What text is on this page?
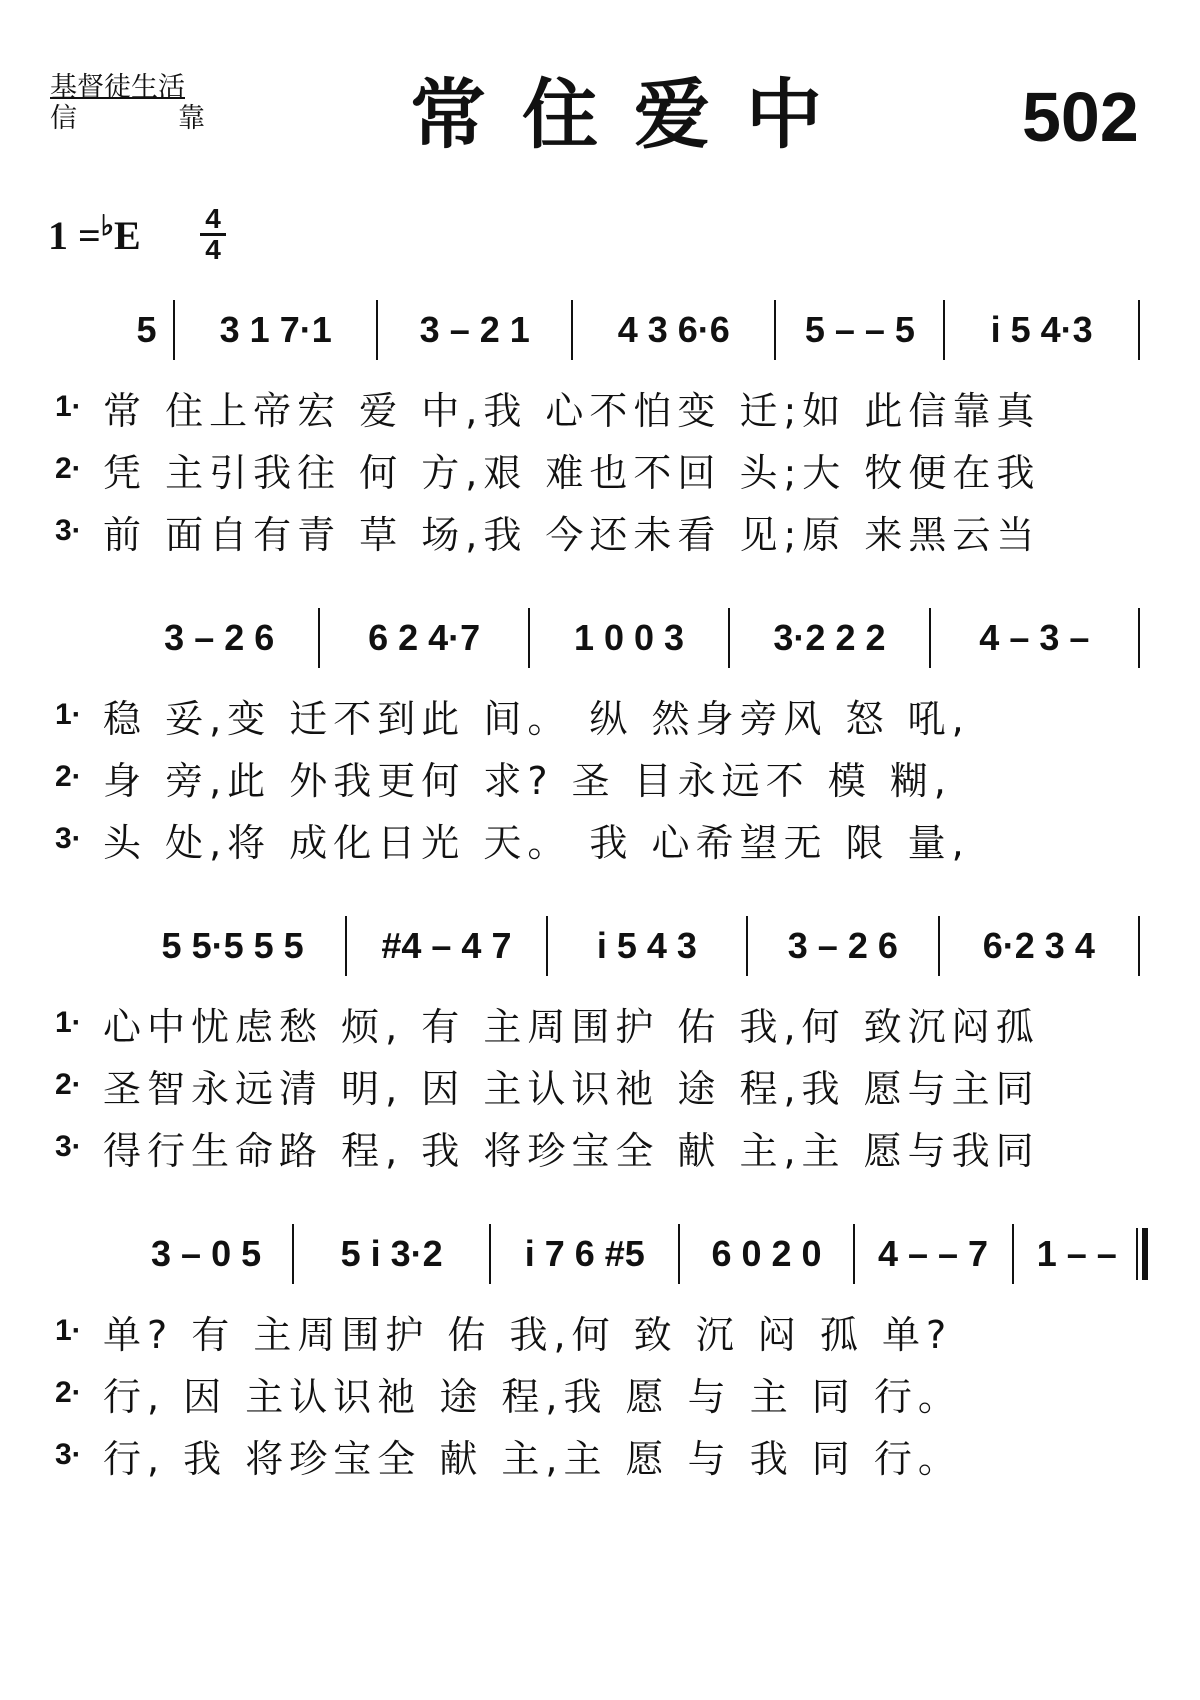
基督徒生活
信	靠	常住爱中 502
1 =♭E 4
4
5	3 1 7·1	3 – 2 1	4 3 6·6	5 – – 5	i 5 4·3
1· 常 住上帝宏 爱 中,我 心不怕变 迁;如 此信靠真
2· 凭 主引我往 何 方,艰 难也不回 头;大 牧便在我
3· 前 面自有青 草 场,我 今还未看 见;原 来黑云当
3 – 2 6	6 2 4·7	1 0 0 3	3·2 2 2	4 – 3 –
1· 稳 妥,变 迁不到此 间。 纵 然身旁风 怒 吼,
2· 身 旁,此 外我更何 求? 圣 目永远不 模 糊,
3· 头 处,将 成化日光 天。 我 心希望无 限 量,
5 5·5 5 5	#4 – 4 7	i 5 4 3	3 – 2 6	6·2 3 4
1· 心中忧虑愁 烦, 有 主周围护 佑 我,何 致沉闷孤
2· 圣智永远清 明, 因 主认识祂 途 程,我 愿与主同
3· 得行生命路 程, 我 将珍宝全 献 主,主 愿与我同
3 – 0 5	5 i 3·2	i 7 6 #5	6 0 2 0	4 – – 7	1 – –
1· 单? 有 主周围护 佑 我,何 致 沉 闷 孤 单?
2· 行, 因 主认识祂 途 程,我 愿 与 主 同 行。
3· 行, 我 将珍宝全 献 主,主 愿 与 我 同 行。
